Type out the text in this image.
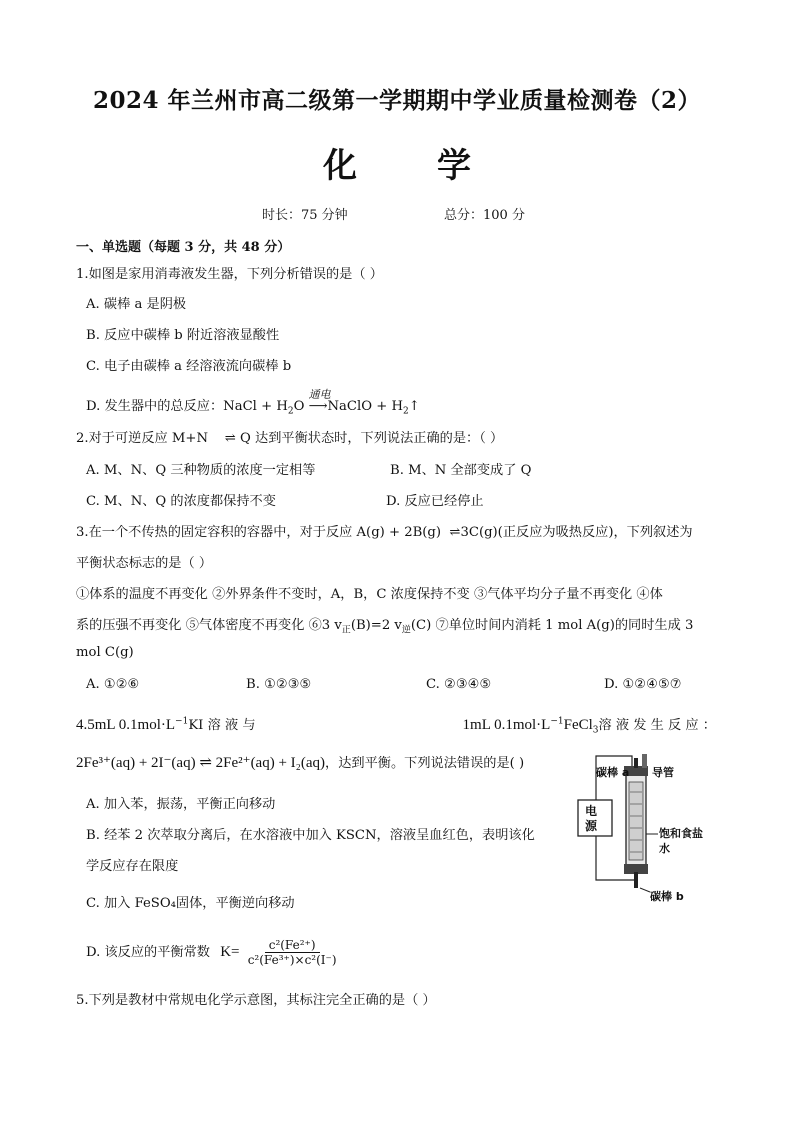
2024 年兰州市高二级第一学期期中学业质量检测卷（2）
化 学
时长：75 分钟	总分：100 分
一、单选题（每题 3 分，共 48 分）
1.如图是家用消毒液发生器，下列分析错误的是（ ）
A. 碳棒 a 是阴极
B. 反应中碳棒 b 附近溶液显酸性
C. 电子由碳棒 a 经溶液流向碳棒 b
D. 发生器中的总反应：NaCl + $H_2O$
通电
⟶NaClO + $H_2↑$
2.对于可逆反应 M+N    ⇌ Q 达到平衡状态时，下列说法正确的是：（ ）
A. M、N、Q 三种物质的浓度一定相等	B. M、N 全部变成了 Q
C. M、N、Q 的浓度都保持不变	D. 反应已经停止
3.在一个不传热的固定容积的容器中，对于反应 A(g) + 2B(g)  ⇌3C(g)(正反应为吸热反应)，下列叙述为
平衡状态标志的是（ ）
①体系的温度不再变化 ②外界条件不变时，A，B，C 浓度保持不变 ③气体平均分子量不再变化 ④体
系的压强不再变化 ⑤气体密度不再变化 ⑥3 $v_正(B)=2$ $v_逆(C)$ ⑦单位时间内消耗 1 mol A(g)的同时生成 3
mol C(g)
A. ①②⑥	B. ①②③⑤	C. ②③④⑤	D. ①②④⑤⑦
4.5mL $0.1mol\cdot L^{-1}KI$ 溶 液 与	1mL $0.1mol\cdot L^{-1}FeCl_3$溶 液 发 生 反 应 ：
2Fe³⁺(aq) + 2I⁻(aq) ⇌ 2Fe²⁺(aq) + I₂(aq)，达到平衡。下列说法错误的是( )
A. 加入苯，振荡，平衡正向移动
B. 经苯 2 次萃取分离后，在水溶液中加入 KSCN，溶液呈血红色，表明该化
学反应存在限度
C. 加入 FeSO₄固体，平衡逆向移动
D. 该反应的平衡常数 $K= \frac{\text{c²(Fe²⁺)}}{\text{c²(Fe³⁺)×c²(I⁻)}}$
5.下列是教材中常规电化学示意图，其标注完全正确的是（ ）
电源
碳棒 a 导管
饱和食盐水
碳棒 b
